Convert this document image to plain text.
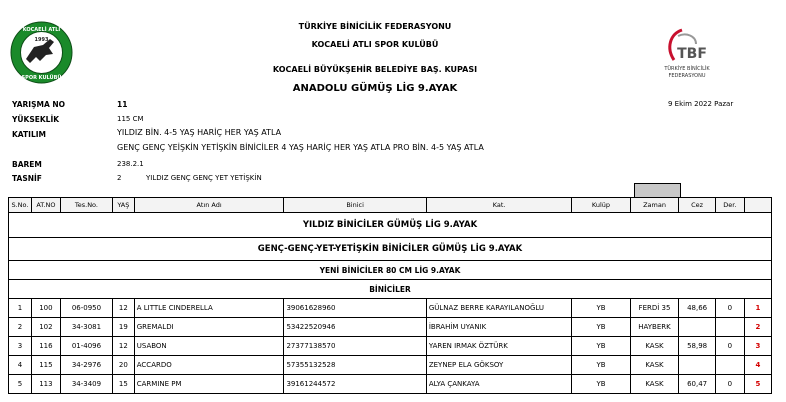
KOCAELİ ATLI
1993
SPOR KULÜBÜ
TBF
TÜRKİYE BİNİCİLİK
FEDERASYONU
TÜRKİYE BİNİCİLİK FEDERASYONU
KOCAELİ ATLI SPOR KULÜBÜ
KOCAELİ BÜYÜKŞEHİR BELEDİYE BAŞ. KUPASI
ANADOLU GÜMÜŞ LİG 9.AYAK
9 Ekim 2022 Pazar
YARIŞMA NO	11
YÜKSEKLİK	115 CM
KATILIM	YILDIZ BİN. 4-5 YAŞ HARİÇ HER YAŞ ATLA
GENÇ GENÇ YEİŞKİN YETİŞKİN BİNİCİLER 4 YAŞ HARİÇ HER YAŞ ATLA PRO BİN. 4-5 YAŞ ATLA
BAREM	238.2.1
TASNİF	2	YILDIZ GENÇ GENÇ YET YETİŞKİN
S.No.	AT.NO	Tes.No.	YAŞ	Atın Adı	Binici	Kat.	Kulüp	Zaman	Cez	Der.	
YILDIZ BİNİCİLER GÜMÜŞ LİG 9.AYAK											
GENÇ-GENÇ-YET-YETİŞKİN BİNİCİLER GÜMÜŞ LİG 9.AYAK											
YENİ BİNİCİLER 80 CM LİG 9.AYAK											
BİNİCİLER											
1	100	06-0950	12	A LITTLE CINDERELLA	39061628960	GÜLNAZ BERRE KARAYILANOĞLU	YB	FERDİ 35	48,66	0	1
2	102	34-3081	19	GREMALDI	53422520946	İBRAHİM UYANIK	YB	HAYBERK			2
3	116	01-4096	12	USABON	27377138570	YAREN IRMAK ÖZTÜRK	YB	KASK	58,98	0	3
4	115	34-2976	20	ACCARDO	57355132528	ZEYNEP ELA GÖKSOY	YB	KASK			4
5	113	34-3409	15	CARMINE PM	39161244572	ALYA ÇANKAYA	YB	KASK	60,47	0	5
